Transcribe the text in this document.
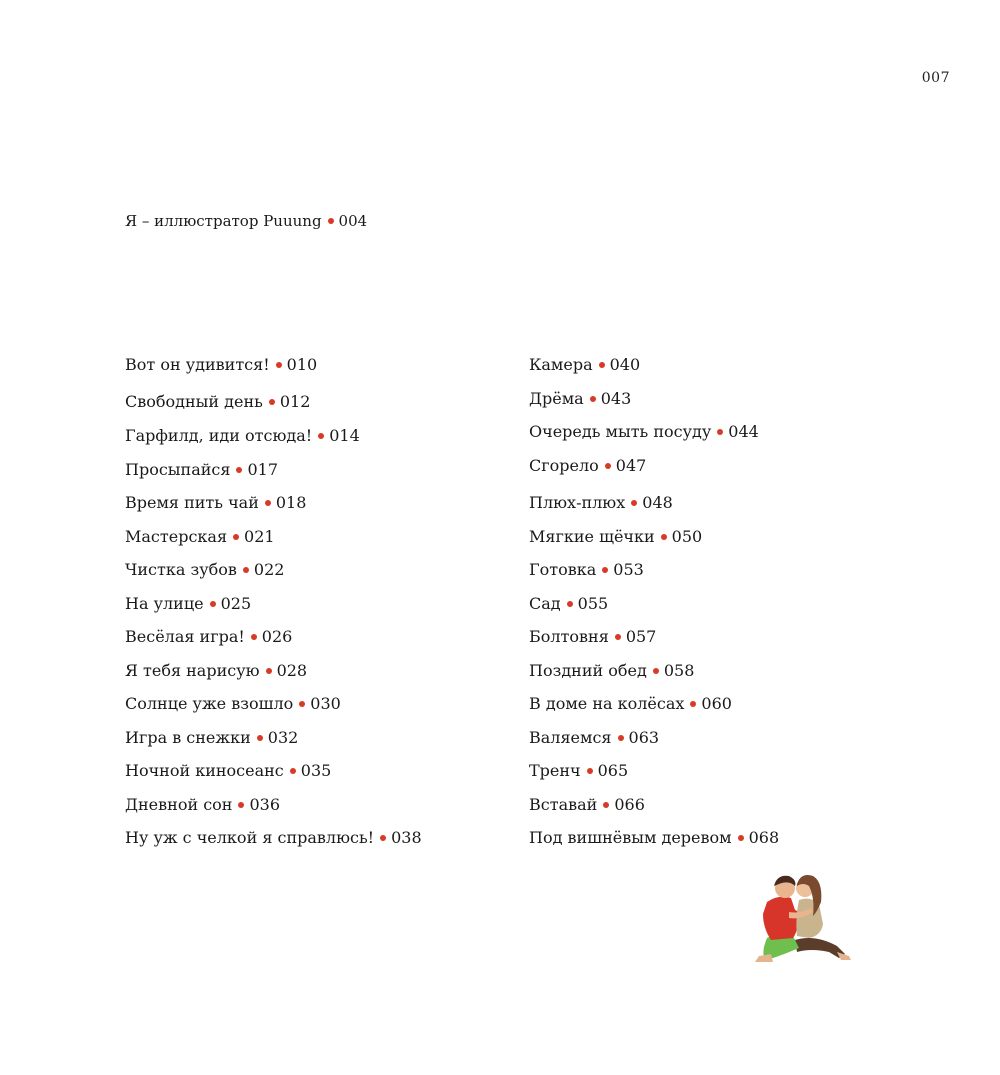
007
Я – иллюстратор Puuung 004
Вот он удивится! 010
Свободный день 012
Гарфилд, иди отсюда! 014
Просыпайся 017
Время пить чай 018
Мастерская 021
Чистка зубов 022
На улице 025
Весёлая игра! 026
Я тебя нарисую 028
Солнце уже взошло 030
Игра в снежки 032
Ночной киносеанс 035
Дневной сон 036
Ну уж с челкой я справлюсь! 038
Камера 040
Дрёма 043
Очередь мыть посуду 044
Сгорело 047
Плюх-плюх 048
Мягкие щёчки 050
Готовка 053
Сад 055
Болтовня 057
Поздний обед 058
В доме на колёсах 060
Валяемся 063
Тренч 065
Вставай 066
Под вишнёвым деревом 068
